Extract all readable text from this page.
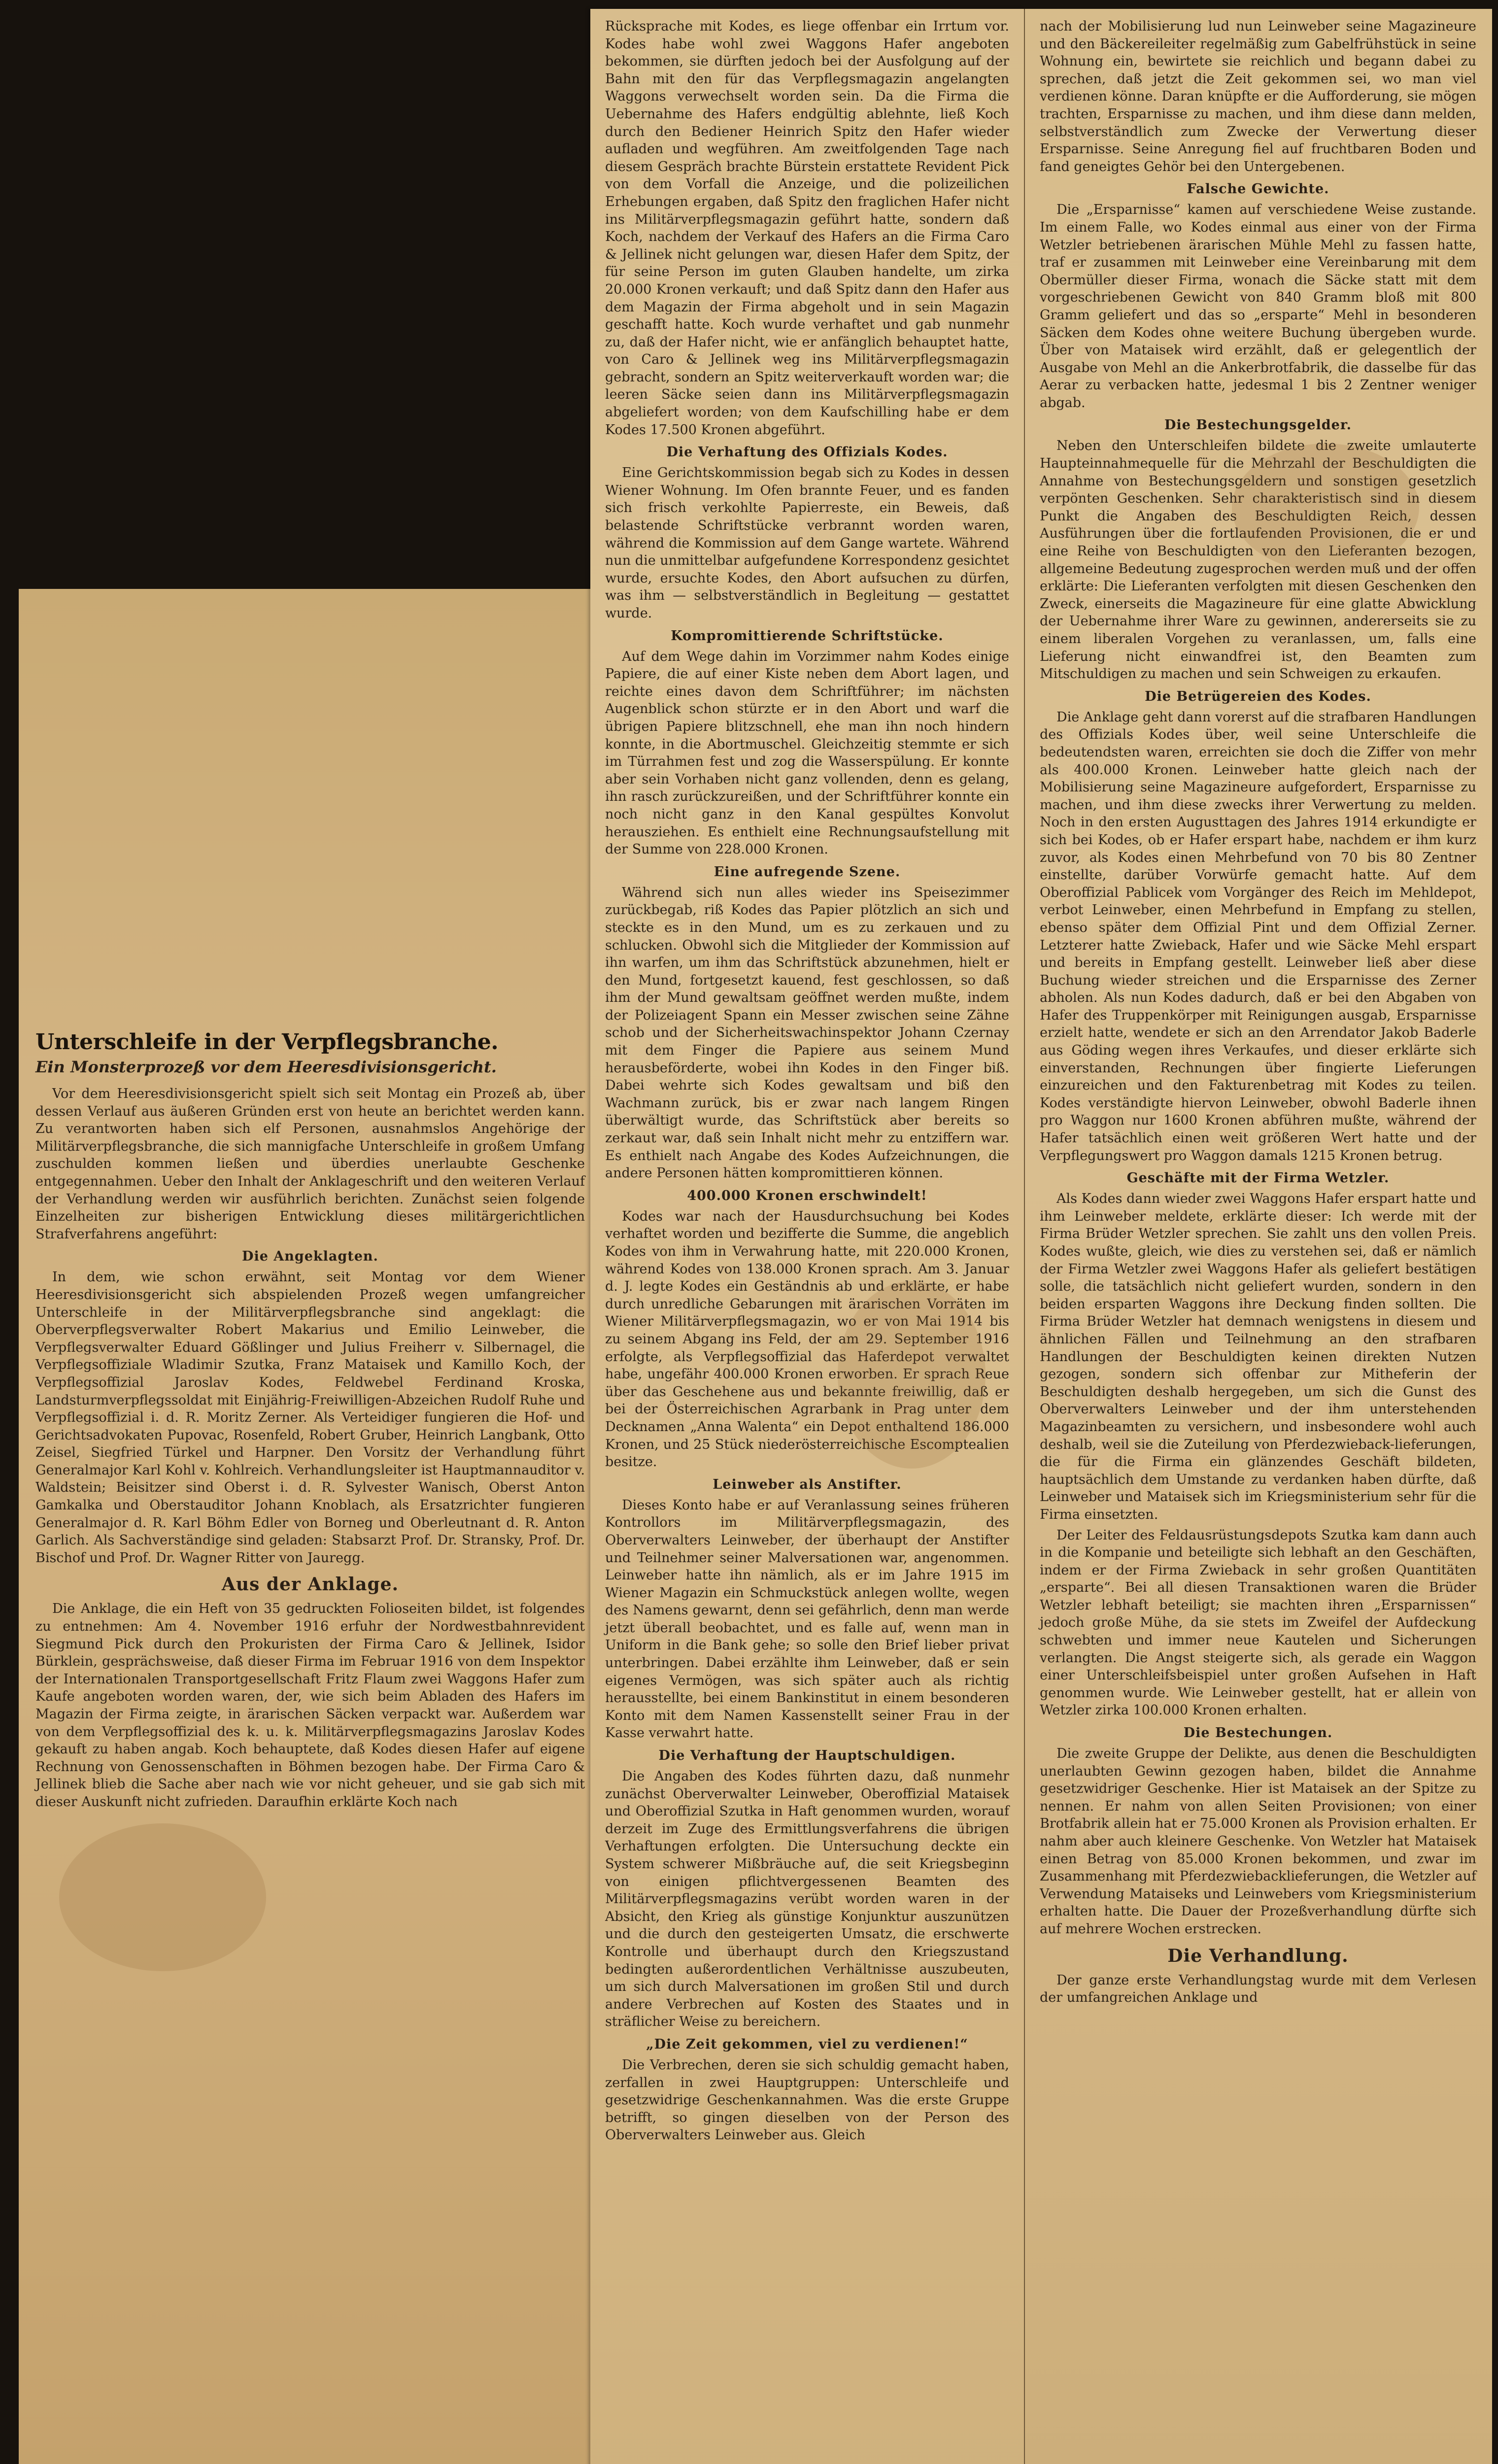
Unterschleife in der Verpflegsbranche.
Ein Monsterprozeß vor dem Heeresdivisionsgericht.

Vor dem Heeresdivisionsgericht spielt sich seit Montag ein Prozeß ab, über dessen Verlauf aus äußeren Gründen erst von heute an berichtet werden kann. Zu verantworten haben sich elf Personen, ausnahmslos Angehörige der Militärverpflegsbranche, die sich mannigfache Unterschleife in großem Umfang zuschulden kommen ließen und überdies unerlaubte Geschenke entgegennahmen. Ueber den Inhalt der Anklageschrift und den weiteren Verlauf der Verhandlung werden wir ausführlich berichten. Zunächst seien folgende Einzelheiten zur bisherigen Entwicklung dieses militärgerichtlichen Strafverfahrens angeführt:

Die Angeklagten.

In dem, wie schon erwähnt, seit Montag vor dem Wiener Heeresdivisionsgericht sich abspielenden Prozeß wegen umfangreicher Unterschleife in der Militärverpflegsbranche sind angeklagt: die Oberverpflegsverwalter Robert Makarius und Emilio Leinweber, die Verpflegsverwalter Eduard Gößlinger und Julius Freiherr v. Silbernagel, die Verpflegsoffiziale Wladimir Szutka, Franz Mataisek und Kamillo Koch, der Verpflegsoffizial Jaroslav Kodes, Feldwebel Ferdinand Kroska, Landsturmverpflegssoldat mit Einjährig-Freiwilligen-Abzeichen Rudolf Ruhe und Verpflegsoffizial i. d. R. Moritz Zerner. Als Verteidiger fungieren die Hof- und Gerichtsadvokaten Pupovac, Rosenfeld, Robert Gruber, Heinrich Langbank, Otto Zeisel, Siegfried Türkel und Harpner. Den Vorsitz der Verhandlung führt Generalmajor Karl Kohl v. Kohlreich. Verhandlungsleiter ist Hauptmannauditor v. Waldstein; Beisitzer sind Oberst i. d. R. Sylvester Wanisch, Oberst Anton Gamkalka und Oberstauditor Johann Knoblach, als Ersatzrichter fungieren Generalmajor d. R. Karl Böhm Edler von Borneg und Oberleutnant d. R. Anton Garlich. Als Sachverständige sind geladen: Stabsarzt Prof. Dr. Stransky, Prof. Dr. Bischof und Prof. Dr. Wagner Ritter von Jauregg.

Aus der Anklage.

Die Anklage, die ein Heft von 35 gedruckten Folioseiten bildet, ist folgendes zu entnehmen: Am 4. November 1916 erfuhr der Nordwestbahnrevident Siegmund Pick durch den Prokuristen der Firma Caro & Jellinek, Isidor Bürklein, gesprächsweise, daß dieser Firma im Februar 1916 von dem Inspektor der Internationalen Transportgesellschaft Fritz Flaum zwei Waggons Hafer zum Kaufe angeboten worden waren, der, wie sich beim Abladen des Hafers im Magazin der Firma zeigte, in ärarischen Säcken verpackt war. Außerdem war von dem Verpflegsoffizial des k. u. k. Militärverpflegsmagazins Jaroslav Kodes gekauft zu haben angab. Koch behauptete, daß Kodes diesen Hafer auf eigene Rechnung von Genossenschaften in Böhmen bezogen habe. Der Firma Caro & Jellinek blieb die Sache aber nach wie vor nicht geheuer, und sie gab sich mit dieser Auskunft nicht zufrieden. Daraufhin erklärte Koch nach

Rücksprache mit Kodes, es liege offenbar ein Irrtum vor. Kodes habe wohl zwei Waggons Hafer angeboten bekommen, sie dürften jedoch bei der Ausfolgung auf der Bahn mit den für das Verpflegsmagazin angelangten Waggons verwechselt worden sein. Da die Firma die Uebernahme des Hafers endgültig ablehnte, ließ Koch durch den Bediener Heinrich Spitz den Hafer wieder aufladen und wegführen. Am zweitfolgenden Tage nach diesem Gespräch brachte Bürstein erstattete Revident Pick von dem Vorfall die Anzeige, und die polizeilichen Erhebungen ergaben, daß Spitz den fraglichen Hafer nicht ins Militärverpflegsmagazin geführt hatte, sondern daß Koch, nachdem der Verkauf des Hafers an die Firma Caro & Jellinek nicht gelungen war, diesen Hafer dem Spitz, der für seine Person im guten Glauben handelte, um zirka 20.000 Kronen verkauft; und daß Spitz dann den Hafer aus dem Magazin der Firma abgeholt und in sein Magazin geschafft hatte. Koch wurde verhaftet und gab nunmehr zu, daß der Hafer nicht, wie er anfänglich behauptet hatte, von Caro & Jellinek weg ins Militärverpflegsmagazin gebracht, sondern an Spitz weiterverkauft worden war; die leeren Säcke seien dann ins Militärverpflegsmagazin abgeliefert worden; von dem Kaufschilling habe er dem Kodes 17.500 Kronen abgeführt.

Die Verhaftung des Offizials Kodes.

Eine Gerichtskommission begab sich zu Kodes in dessen Wiener Wohnung. Im Ofen brannte Feuer, und es fanden sich frisch verkohlte Papierreste, ein Beweis, daß belastende Schriftstücke verbrannt worden waren, während die Kommission auf dem Gange wartete. Während nun die unmittelbar aufgefundene Korrespondenz gesichtet wurde, ersuchte Kodes, den Abort aufsuchen zu dürfen, was ihm — selbstverständlich in Begleitung — gestattet wurde.

Kompromittierende Schriftstücke.

Auf dem Wege dahin im Vorzimmer nahm Kodes einige Papiere, die auf einer Kiste neben dem Abort lagen, und reichte eines davon dem Schriftführer; im nächsten Augenblick schon stürzte er in den Abort und warf die übrigen Papiere blitzschnell, ehe man ihn noch hindern konnte, in die Abortmuschel. Gleichzeitig stemmte er sich im Türrahmen fest und zog die Wasserspülung. Er konnte aber sein Vorhaben nicht ganz vollenden, denn es gelang, ihn rasch zurückzureißen, und der Schriftführer konnte ein noch nicht ganz in den Kanal gespültes Konvolut herausziehen. Es enthielt eine Rechnungsaufstellung mit der Summe von 228.000 Kronen.

Eine aufregende Szene.

Während sich nun alles wieder ins Speisezimmer zurückbegab, riß Kodes das Papier plötzlich an sich und steckte es in den Mund, um es zu zerkauen und zu schlucken. Obwohl sich die Mitglieder der Kommission auf ihn warfen, um ihm das Schriftstück abzunehmen, hielt er den Mund, fortgesetzt kauend, fest geschlossen, so daß ihm der Mund gewaltsam geöffnet werden mußte, indem der Polizeiagent Spann ein Messer zwischen seine Zähne schob und der Sicherheitswachinspektor Johann Czernay mit dem Finger die Papiere aus seinem Mund herausbeförderte, wobei ihn Kodes in den Finger biß. Dabei wehrte sich Kodes gewaltsam und biß den Wachmann zurück, bis er zwar nach langem Ringen überwältigt wurde, das Schriftstück aber bereits so zerkaut war, daß sein Inhalt nicht mehr zu entziffern war. Es enthielt nach Angabe des Kodes Aufzeichnungen, die andere Personen hätten kompromittieren können.

400.000 Kronen erschwindelt!

Kodes war nach der Hausdurchsuchung bei Kodes verhaftet worden und bezifferte die Summe, die angeblich Kodes von ihm in Verwahrung hatte, mit 220.000 Kronen, während Kodes von 138.000 Kronen sprach. Am 3. Januar d. J. legte Kodes ein Geständnis ab und erklärte, er habe durch unredliche Gebarungen mit ärarischen Vorräten im Wiener Militärverpflegsmagazin, wo er von Mai 1914 bis zu seinem Abgang ins Feld, der am 29. September 1916 erfolgte, als Verpflegsoffizial das Haferdepot verwaltet habe, ungefähr 400.000 Kronen erworben. Er sprach Reue über das Geschehene aus und bekannte freiwillig, daß er bei der Österreichischen Agrarbank in Prag unter dem Decknamen „Anna Walenta“ ein Depot enthaltend 186.000 Kronen, und 25 Stück niederösterreichische Escomptealien besitze.

Leinweber als Anstifter.

Dieses Konto habe er auf Veranlassung seines früheren Kontrollors im Militärverpflegsmagazin, des Oberverwalters Leinweber, der überhaupt der Anstifter und Teilnehmer seiner Malversationen war, angenommen. Leinweber hatte ihn nämlich, als er im Jahre 1915 im Wiener Magazin ein Schmuckstück anlegen wollte, wegen des Namens gewarnt, denn sei gefährlich, denn man werde jetzt überall beobachtet, und es falle auf, wenn man in Uniform in die Bank gehe; so solle den Brief lieber privat unterbringen. Dabei erzählte ihm Leinweber, daß er sein eigenes Vermögen, was sich später auch als richtig herausstellte, bei einem Bankinstitut in einem besonderen Konto mit dem Namen Kassenstellt seiner Frau in der Kasse verwahrt hatte.

Die Verhaftung der Hauptschuldigen.

Die Angaben des Kodes führten dazu, daß nunmehr zunächst Oberverwalter Leinweber, Oberoffizial Mataisek und Oberoffizial Szutka in Haft genommen wurden, worauf derzeit im Zuge des Ermittlungsverfahrens die übrigen Verhaftungen erfolgten. Die Untersuchung deckte ein System schwerer Mißbräuche auf, die seit Kriegsbeginn von einigen pflichtvergessenen Beamten des Militärverpflegsmagazins verübt worden waren in der Absicht, den Krieg als günstige Konjunktur auszunützen und die durch den gesteigerten Umsatz, die erschwerte Kontrolle und überhaupt durch den Kriegszustand bedingten außerordentlichen Verhältnisse auszubeuten, um sich durch Malversationen im großen Stil und durch andere Verbrechen auf Kosten des Staates und in sträflicher Weise zu bereichern.

„Die Zeit gekommen, viel zu verdienen!“

Die Verbrechen, deren sie sich schuldig gemacht haben, zerfallen in zwei Hauptgruppen: Unterschleife und gesetzwidrige Geschenkannahmen. Was die erste Gruppe betrifft, so gingen dieselben von der Person des Oberverwalters Leinweber aus. Gleich

nach der Mobilisierung lud nun Leinweber seine Magazineure und den Bäckereileiter regelmäßig zum Gabelfrühstück in seine Wohnung ein, bewirtete sie reichlich und begann dabei zu sprechen, daß jetzt die Zeit gekommen sei, wo man viel verdienen könne. Daran knüpfte er die Aufforderung, sie mögen trachten, Ersparnisse zu machen, und ihm diese dann melden, selbstverständlich zum Zwecke der Verwertung dieser Ersparnisse. Seine Anregung fiel auf fruchtbaren Boden und fand geneigtes Gehör bei den Untergebenen.

Falsche Gewichte.

Die „Ersparnisse“ kamen auf verschiedene Weise zustande. Im einem Falle, wo Kodes einmal aus einer von der Firma Wetzler betriebenen ärarischen Mühle Mehl zu fassen hatte, traf er zusammen mit Leinweber eine Vereinbarung mit dem Obermüller dieser Firma, wonach die Säcke statt mit dem vorgeschriebenen Gewicht von 840 Gramm bloß mit 800 Gramm geliefert und das so „ersparte“ Mehl in besonderen Säcken dem Kodes ohne weitere Buchung übergeben wurde. Über von Mataisek wird erzählt, daß er gelegentlich der Ausgabe von Mehl an die Ankerbrotfabrik, die dasselbe für das Aerar zu verbacken hatte, jedesmal 1 bis 2 Zentner weniger abgab.

Die Bestechungsgelder.

Neben den Unterschleifen bildete die zweite umlauterte Haupteinnahmequelle für die Mehrzahl der Beschuldigten die Annahme von Bestechungsgeldern und sonstigen gesetzlich verpönten Geschenken. Sehr charakteristisch sind in diesem Punkt die Angaben des Beschuldigten Reich, dessen Ausführungen über die fortlaufenden Provisionen, die er und eine Reihe von Beschuldigten von den Lieferanten bezogen, allgemeine Bedeutung zugesprochen werden muß und der offen erklärte: Die Lieferanten verfolgten mit diesen Geschenken den Zweck, einerseits die Magazineure für eine glatte Abwicklung der Uebernahme ihrer Ware zu gewinnen, andererseits sie zu einem liberalen Vorgehen zu veranlassen, um, falls eine Lieferung nicht einwandfrei ist, den Beamten zum Mitschuldigen zu machen und sein Schweigen zu erkaufen.

Die Betrügereien des Kodes.

Die Anklage geht dann vorerst auf die strafbaren Handlungen des Offizials Kodes über, weil seine Unterschleife die bedeutendsten waren, erreichten sie doch die Ziffer von mehr als 400.000 Kronen. Leinweber hatte gleich nach der Mobilisierung seine Magazineure aufgefordert, Ersparnisse zu machen, und ihm diese zwecks ihrer Verwertung zu melden. Noch in den ersten Augusttagen des Jahres 1914 erkundigte er sich bei Kodes, ob er Hafer erspart habe, nachdem er ihm kurz zuvor, als Kodes einen Mehrbefund von 70 bis 80 Zentner einstellte, darüber Vorwürfe gemacht hatte. Auf dem Oberoffizial Pablicek vom Vorgänger des Reich im Mehldepot, verbot Leinweber, einen Mehrbefund in Empfang zu stellen, ebenso später dem Offizial Pint und dem Offizial Zerner. Letzterer hatte Zwieback, Hafer und wie Säcke Mehl erspart und bereits in Empfang gestellt. Leinweber ließ aber diese Buchung wieder streichen und die Ersparnisse des Zerner abholen. Als nun Kodes dadurch, daß er bei den Abgaben von Hafer des Truppenkörper mit Reinigungen ausgab, Ersparnisse erzielt hatte, wendete er sich an den Arrendator Jakob Baderle aus Göding wegen ihres Verkaufes, und dieser erklärte sich einverstanden, Rechnungen über fingierte Lieferungen einzureichen und den Fakturenbetrag mit Kodes zu teilen. Kodes verständigte hiervon Leinweber, obwohl Baderle ihnen pro Waggon nur 1600 Kronen abführen mußte, während der Hafer tatsächlich einen weit größeren Wert hatte und der Verpflegungswert pro Waggon damals 1215 Kronen betrug.

Geschäfte mit der Firma Wetzler.

Als Kodes dann wieder zwei Waggons Hafer erspart hatte und ihm Leinweber meldete, erklärte dieser: Ich werde mit der Firma Brüder Wetzler sprechen. Sie zahlt uns den vollen Preis. Kodes wußte, gleich, wie dies zu verstehen sei, daß er nämlich der Firma Wetzler zwei Waggons Hafer als geliefert bestätigen solle, die tatsächlich nicht geliefert wurden, sondern in den beiden ersparten Waggons ihre Deckung finden sollten. Die Firma Brüder Wetzler hat demnach wenigstens in diesem und ähnlichen Fällen und Teilnehmung an den strafbaren Handlungen der Beschuldigten keinen direkten Nutzen gezogen, sondern sich offenbar zur Mitheferin der Beschuldigten deshalb hergegeben, um sich die Gunst des Oberverwalters Leinweber und der ihm unterstehenden Magazinbeamten zu versichern, und insbesondere wohl auch deshalb, weil sie die Zuteilung von Pferdezwieback-lieferungen, die für die Firma ein glänzendes Geschäft bildeten, hauptsächlich dem Umstande zu verdanken haben dürfte, daß Leinweber und Mataisek sich im Kriegsministerium sehr für die Firma einsetzten.

Der Leiter des Feldausrüstungsdepots Szutka kam dann auch in die Kompanie und beteiligte sich lebhaft an den Geschäften, indem er der Firma Zwieback in sehr großen Quantitäten „ersparte“. Bei all diesen Transaktionen waren die Brüder Wetzler lebhaft beteiligt; sie machten ihren „Ersparnissen“ jedoch große Mühe, da sie stets im Zweifel der Aufdeckung schwebten und immer neue Kautelen und Sicherungen verlangten. Die Angst steigerte sich, als gerade ein Waggon einer Unterschleifsbeispiel unter großen Aufsehen in Haft genommen wurde. Wie Leinweber gestellt, hat er allein von Wetzler zirka 100.000 Kronen erhalten.

Die Bestechungen.

Die zweite Gruppe der Delikte, aus denen die Beschuldigten unerlaubten Gewinn gezogen haben, bildet die Annahme gesetzwidriger Geschenke. Hier ist Mataisek an der Spitze zu nennen. Er nahm von allen Seiten Provisionen; von einer Brotfabrik allein hat er 75.000 Kronen als Provision erhalten. Er nahm aber auch kleinere Geschenke. Von Wetzler hat Mataisek einen Betrag von 85.000 Kronen bekommen, und zwar im Zusammenhang mit Pferdezwiebacklieferungen, die Wetzler auf Verwendung Mataiseks und Leinwebers vom Kriegsministerium erhalten hatte. Die Dauer der Prozeßverhandlung dürfte sich auf mehrere Wochen erstrecken.

Die Verhandlung.

Der ganze erste Verhandlungstag wurde mit dem Verlesen der umfangreichen Anklage und
